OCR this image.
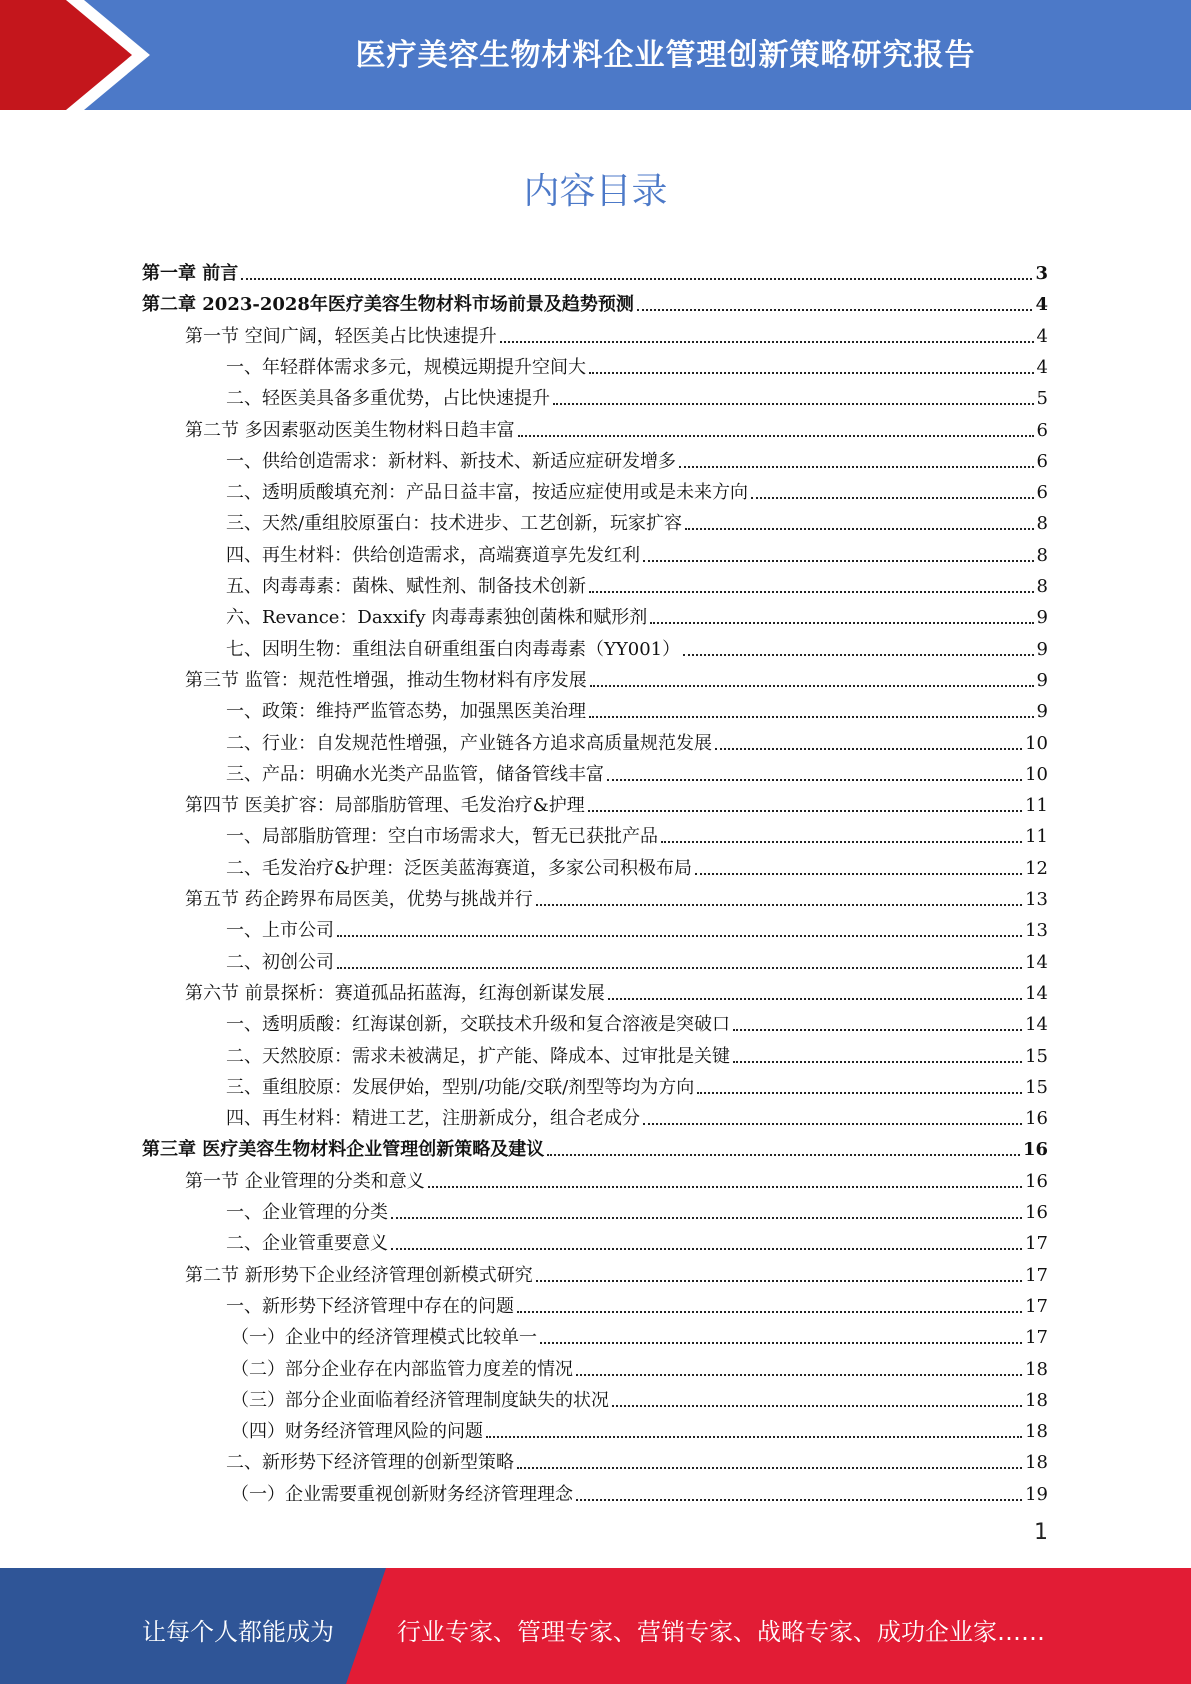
医疗美容生物材料企业管理创新策略研究报告
内容目录
第一章 前言	3
第二章 2023-2028年医疗美容生物材料市场前景及趋势预测	4
第一节 空间广阔，轻医美占比快速提升	4
一、年轻群体需求多元，规模远期提升空间大	4
二、轻医美具备多重优势，占比快速提升	5
第二节 多因素驱动医美生物材料日趋丰富	6
一、供给创造需求：新材料、新技术、新适应症研发增多	6
二、透明质酸填充剂：产品日益丰富，按适应症使用或是未来方向	6
三、天然/重组胶原蛋白：技术进步、工艺创新，玩家扩容	8
四、再生材料：供给创造需求，高端赛道享先发红利	8
五、肉毒毒素：菌株、赋性剂、制备技术创新	8
六、Revance：Daxxify 肉毒毒素独创菌株和赋形剂	9
七、因明生物：重组法自研重组蛋白肉毒毒素（YY001）	9
第三节 监管：规范性增强，推动生物材料有序发展	9
一、政策：维持严监管态势，加强黑医美治理	9
二、行业：自发规范性增强，产业链各方追求高质量规范发展	10
三、产品：明确水光类产品监管，储备管线丰富	10
第四节 医美扩容：局部脂肪管理、毛发治疗&护理	11
一、局部脂肪管理：空白市场需求大，暂无已获批产品	11
二、毛发治疗&护理：泛医美蓝海赛道，多家公司积极布局	12
第五节 药企跨界布局医美，优势与挑战并行	13
一、上市公司	13
二、初创公司	14
第六节 前景探析：赛道孤品拓蓝海，红海创新谋发展	14
一、透明质酸：红海谋创新，交联技术升级和复合溶液是突破口	14
二、天然胶原：需求未被满足，扩产能、降成本、过审批是关键	15
三、重组胶原：发展伊始，型别/功能/交联/剂型等均为方向	15
四、再生材料：精进工艺，注册新成分，组合老成分	16
第三章 医疗美容生物材料企业管理创新策略及建议	16
第一节 企业管理的分类和意义	16
一、企业管理的分类	16
二、企业管重要意义	17
第二节 新形势下企业经济管理创新模式研究	17
一、新形势下经济管理中存在的问题	17
（一）企业中的经济管理模式比较单一	17
（二）部分企业存在内部监管力度差的情况	18
（三）部分企业面临着经济管理制度缺失的状况	18
（四）财务经济管理风险的问题	18
二、新形势下经济管理的创新型策略	18
（一）企业需要重视创新财务经济管理理念	19
1
让每个人都能成为	行业专家、管理专家、营销专家、战略专家、成功企业家……
